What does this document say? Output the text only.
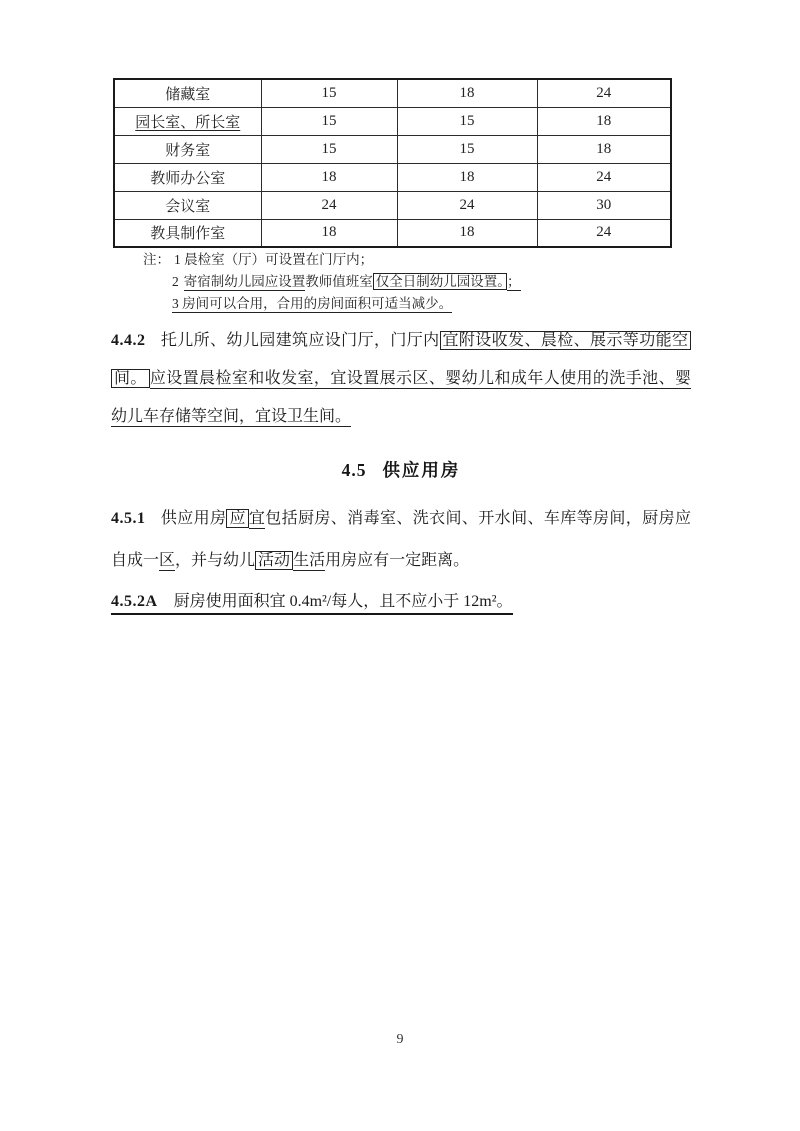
储藏室	15	18	24
园长室、所长室	15	15	18
财务室	15	15	18
教师办公室	18	18	24
会议室	24	24	30
教具制作室	18	18	24
注： 1 晨检室（厅）可设置在门厅内；
2 寄宿制幼儿园应设置教师值班室 仅全日制幼儿园设置。 ；
3 房间可以合用，合用的房间面积可适当减少。
4.4.2 托儿所、幼儿园建筑应设门厅，门厅内 宜附设收发、晨检、展示等功能空间。 应设置晨检室和收发室，宜设置展示区、婴幼儿和成年人使用的洗手池、婴幼儿车存储等空间，宜设卫生间。
4.5 供应用房
4.5.1 供应用房 应 宜包括厨房、消毒室、洗衣间、开水间、车库等房间，厨房应自成一区，并与幼儿 活动 生活用房应有一定距离。
4.5.2A 厨房使用面积宜 0.4m²/每人，且不应小于 12m²。
9
